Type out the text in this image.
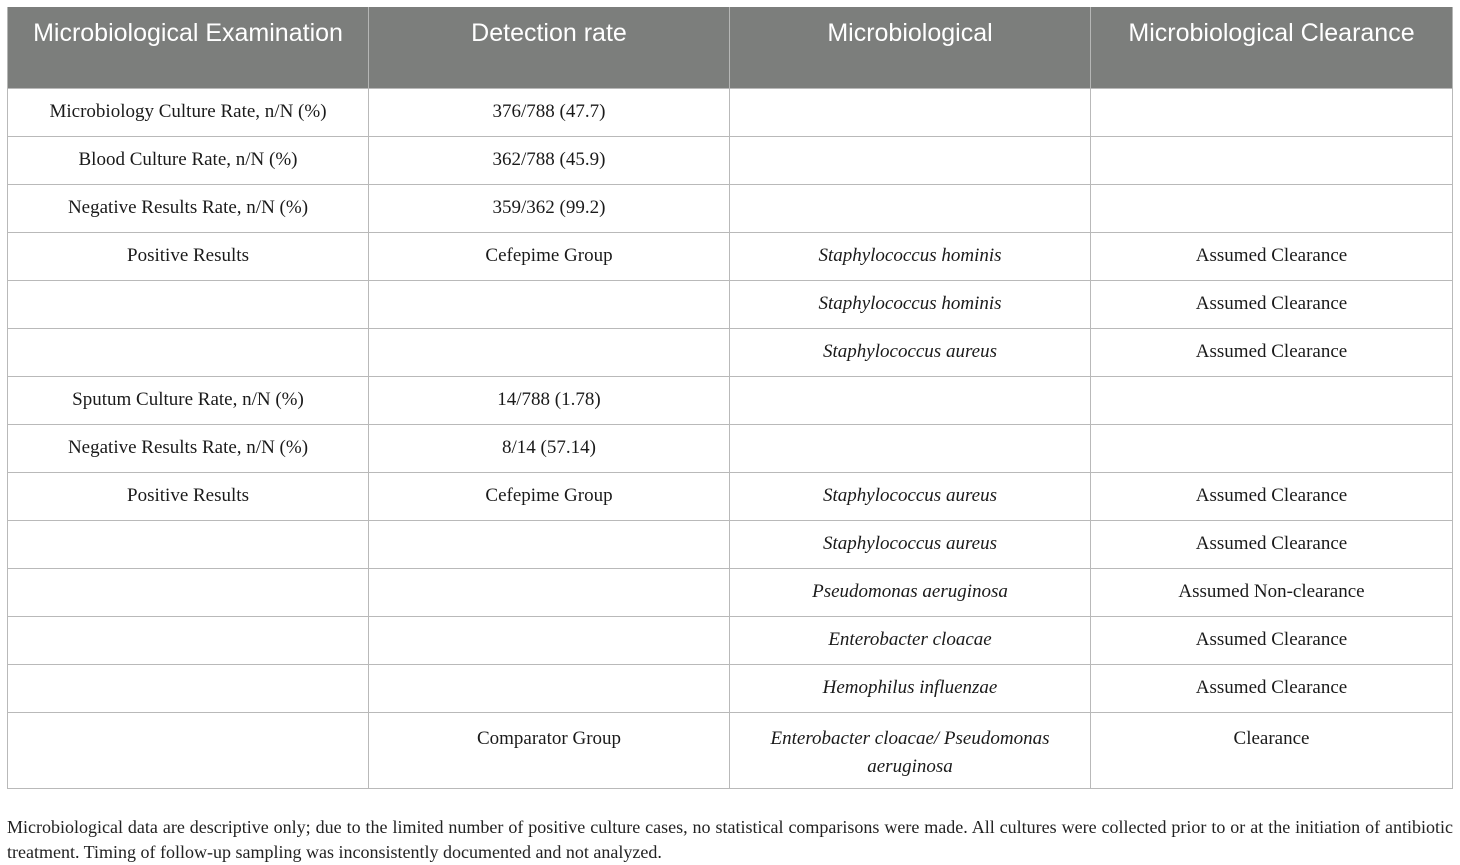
Microbiological Examination	Detection rate	Microbiological	Microbiological Clearance
Microbiology Culture Rate, n/N (%)	376/788 (47.7)		
Blood Culture Rate, n/N (%)	362/788 (45.9)		
Negative Results Rate, n/N (%)	359/362 (99.2)		
Positive Results	Cefepime Group	Staphylococcus hominis	Assumed Clearance
		Staphylococcus hominis	Assumed Clearance
		Staphylococcus aureus	Assumed Clearance
Sputum Culture Rate, n/N (%)	14/788 (1.78)		
Negative Results Rate, n/N (%)	8/14 (57.14)		
Positive Results	Cefepime Group	Staphylococcus aureus	Assumed Clearance
		Staphylococcus aureus	Assumed Clearance
		Pseudomonas aeruginosa	Assumed Non-clearance
		Enterobacter cloacae	Assumed Clearance
		Hemophilus influenzae	Assumed Clearance
	Comparator Group	Enterobacter cloacae/ Pseudomonas aeruginosa	Clearance

Microbiological data are descriptive only; due to the limited number of positive culture cases, no statistical comparisons were made. All cultures were collected prior to or at the initiation of antibiotic treatment. Timing of follow-up sampling was inconsistently documented and not analyzed.
